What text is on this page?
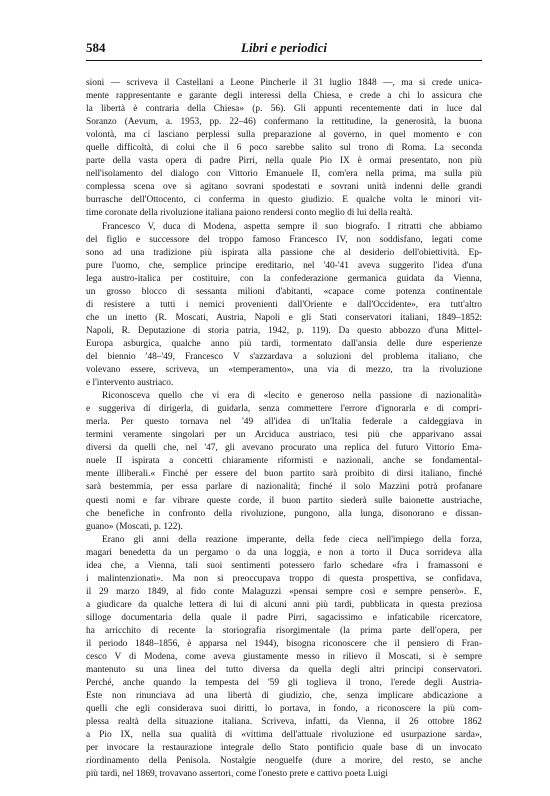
584	Libri e periodici
sioni — scriveva il Castellani a Leone Pincherle il 31 luglio 1848 —, ma si crede unica-
mente rappresentante e garante degli interessi della Chiesa, e crede a chi lo assicura che
la libertà è contraria della Chiesa» (p. 56). Gli appunti recentemente dati in luce dal
Soranzo (Aevum, a. 1953, pp. 22–46) confermano la rettitudine, la generosità, la buona
volontà, ma ci lasciano perplessi sulla preparazione al governo, in quel momento e con
quelle difficoltà, di colui che il 6 poco sarebbe salito sul trono di Roma. La seconda
parte della vasta opera di padre Pirri, nella quale Pio IX è ormai presentato, non più
nell'isolamento del dialogo con Vittorio Emanuele II, com'era nella prima, ma sulla più
complessa scena ove si agitano sovrani spodestati e sovrani unità indenni delle grandi
burrasche dell'Ottocento, ci conferma in questo giudizio. E qualche volta le minori vit-
time coronate della rivoluzione italiana paiono rendersi conto meglio di lui della realtà.
Francesco V, duca di Modena, aspetta sempre il suo biografo. I ritratti che abbiamo
del figlio e successore del troppo famoso Francesco IV, non soddisfano, legati come
sono ad una tradizione più ispirata alla passione che al desiderio dell'obiettività. Ep-
pure l'uomo, che, semplice principe ereditario, nel '40-'41 aveva suggerito l'idea d'una
lega austro-italica per costituire, con la confederazione germanica guidata da Vienna,
un grosso blocco di sessanta milioni d'abitanti, «capace come potenza continentale
di resistere a tutti i nemici provenienti dall'Oriente e dall'Occidente», era tutt'altro
che un inetto (R. Moscati, Austria, Napoli e gli Stati conservatori italiani, 1849–1852:
Napoli, R. Deputazione di storia patria, 1942, p. 119). Da questo abbozzo d'una Mittel-
Europa asburgica, qualche anno più tardi, tormentato dall'ansia delle dure esperienze
del biennio '48–'49, Francesco V s'azzardava a soluzioni del problema italiano, che
volevano essere, scriveva, un «temperamento», una via di mezzo, tra la rivoluzione
e l'intervento austriaco.
Riconosceva quello che vi era di «lecito e generoso nella passione di nazionalità»
e suggeriva di dirigerla, di guidarla, senza commettere l'errore d'ignorarla e di compri-
merla. Per questo tornava nel '49 all'idea di un'Italia federale a caldeggiava in
termini veramente singolari per un Arciduca austriaco, tesi più che apparivano assai
diversi da quelli che, nel '47, gli avevano procurato una replica del futuro Vittorio Ema-
nuele II ispirata a concetti chiaramente riformisti e nazionali, anche se fondamental-
mente illiberali.« Finché per essere del buon partito sarà proibito di dirsi italiano, finché
sarà bestemmia, per essa parlare di nazionalità; finché il solo Mazzini potrà profanare
questi nomi e far vibrare queste corde, il buon partito siederà sulle baionette austriache,
che benefiche in confronto della rivoluzione, pungono, alla lunga, disonorano e dissan-
guano» (Moscati, p. 122).
Erano gli anni della reazione imperante, della fede cieca nell'impiego della forza,
magari benedetta da un pergamo o da una loggia, e non a torto il Duca sorrideva alla
idea che, a Vienna, tali suoi sentimenti potessero farlo schedare «fra i framassoni e
i malintenzionati». Ma non si preoccupava troppo di questa prospettiva, se confidava,
il 29 marzo 1849, al fido conte Malaguzzi «pensai sempre così e sempre penserò». E,
a giudicare da qualche lettera di lui di alcuni anni più tardi, pubblicata in questa preziosa
silloge documentaria della quale il padre Pirri, sagacissimo e infaticabile ricercatore,
ha arricchito di recente la storiografia risorgimentale (la prima parte dell'opera, per
il periodo 1848–1856, è apparsa nel 1944), bisogna riconoscere che il pensiero di Fran-
cesco V di Modena, come aveva giustamente messo in rilievo il Moscati, si è sempre
mantenuto su una linea del tutto diversa da quella degli altri principi conservatori.
Perché, anche quando la tempesta del '59 gli toglieva il trono, l'erede degli Austria-
Este non rinunciava ad una libertà di giudizio, che, senza implicare abdicazione a
quelli che egli considerava suoi diritti, lo portava, in fondo, a riconoscere la più com-
plessa realtà della situazione italiana. Scriveva, infatti, da Vienna, il 26 ottobre 1862
a Pio IX, nella sua qualità di «vittima dell'attuale rivoluzione ed usurpazione sarda»,
per invocare la restaurazione integrale dello Stato pontificio quale base di un invocato
riordinamento della Penisola. Nostalgie neoguelfe (dure a morire, del resto, se anche
più tardi, nel 1869, trovavano assertori, come l'onesto prete e cattivo poeta Luigi
